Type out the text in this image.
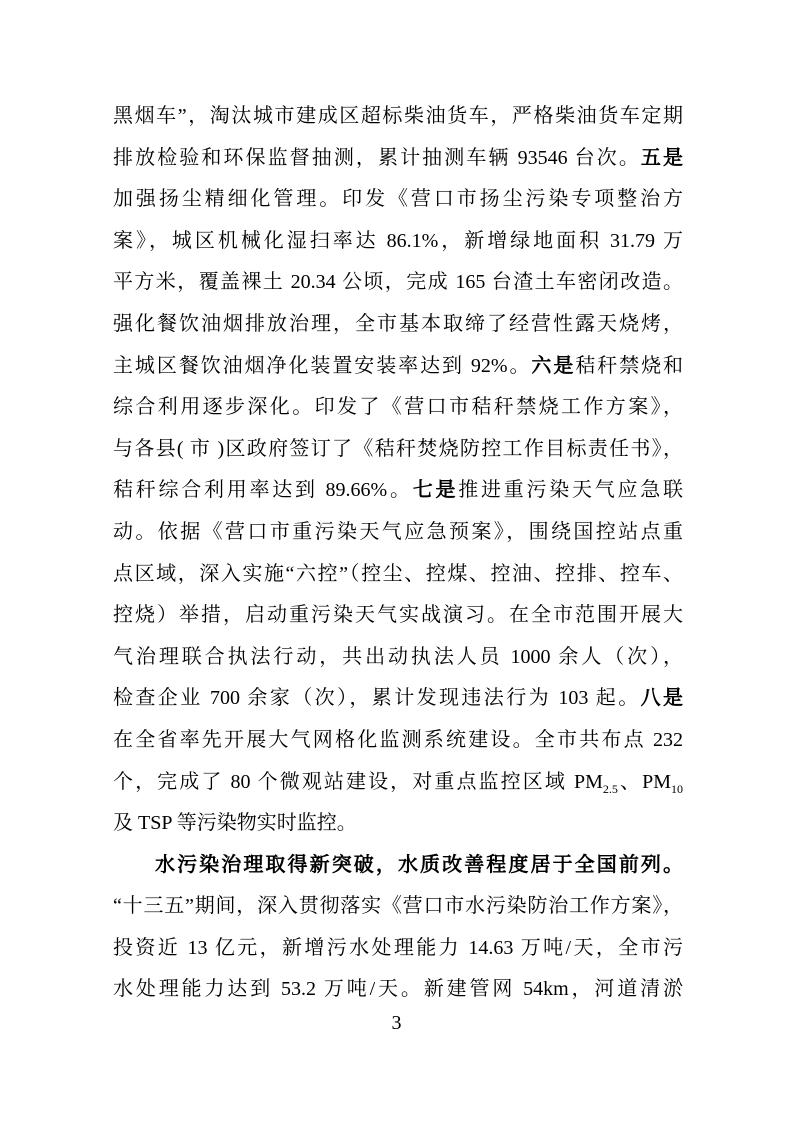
黑烟车”，淘汰城市建成区超标柴油货车，严格柴油货车定期
排放检验和环保监督抽测，累计抽测车辆 93546 台次。五是
加强扬尘精细化管理。印发《营口市扬尘污染专项整治方
案》，城区机械化湿扫率达 86.1%，新增绿地面积 31.79 万
平方米，覆盖裸土 20.34 公顷，完成 165 台渣土车密闭改造。
强化餐饮油烟排放治理，全市基本取缔了经营性露天烧烤，
主城区餐饮油烟净化装置安装率达到 92%。六是秸秆禁烧和
综合利用逐步深化。印发了《营口市秸秆禁烧工作方案》，
与各县( 市 )区政府签订了《秸秆焚烧防控工作目标责任书》，
秸秆综合利用率达到 89.66%。七是推进重污染天气应急联
动。依据《营口市重污染天气应急预案》，围绕国控站点重
点区域，深入实施“六控”（控尘、控煤、控油、控排、控车、
控烧）举措，启动重污染天气实战演习。在全市范围开展大
气治理联合执法行动，共出动执法人员 1000 余人（次），
检查企业 700 余家（次），累计发现违法行为 103 起。八是
在全省率先开展大气网格化监测系统建设。全市共布点 232
个，完成了 80 个微观站建设，对重点监控区域 $PM_{2.5}$、$PM_{10}$
及 TSP 等污染物实时监控。
水污染治理取得新突破，水质改善程度居于全国前列。
“十三五”期间，深入贯彻落实《营口市水污染防治工作方案》，
投资近 13 亿元，新增污水处理能力 14.63 万吨/天，全市污
水处理能力达到 53.2 万吨/天。新建管网 54km，河道清淤
3
